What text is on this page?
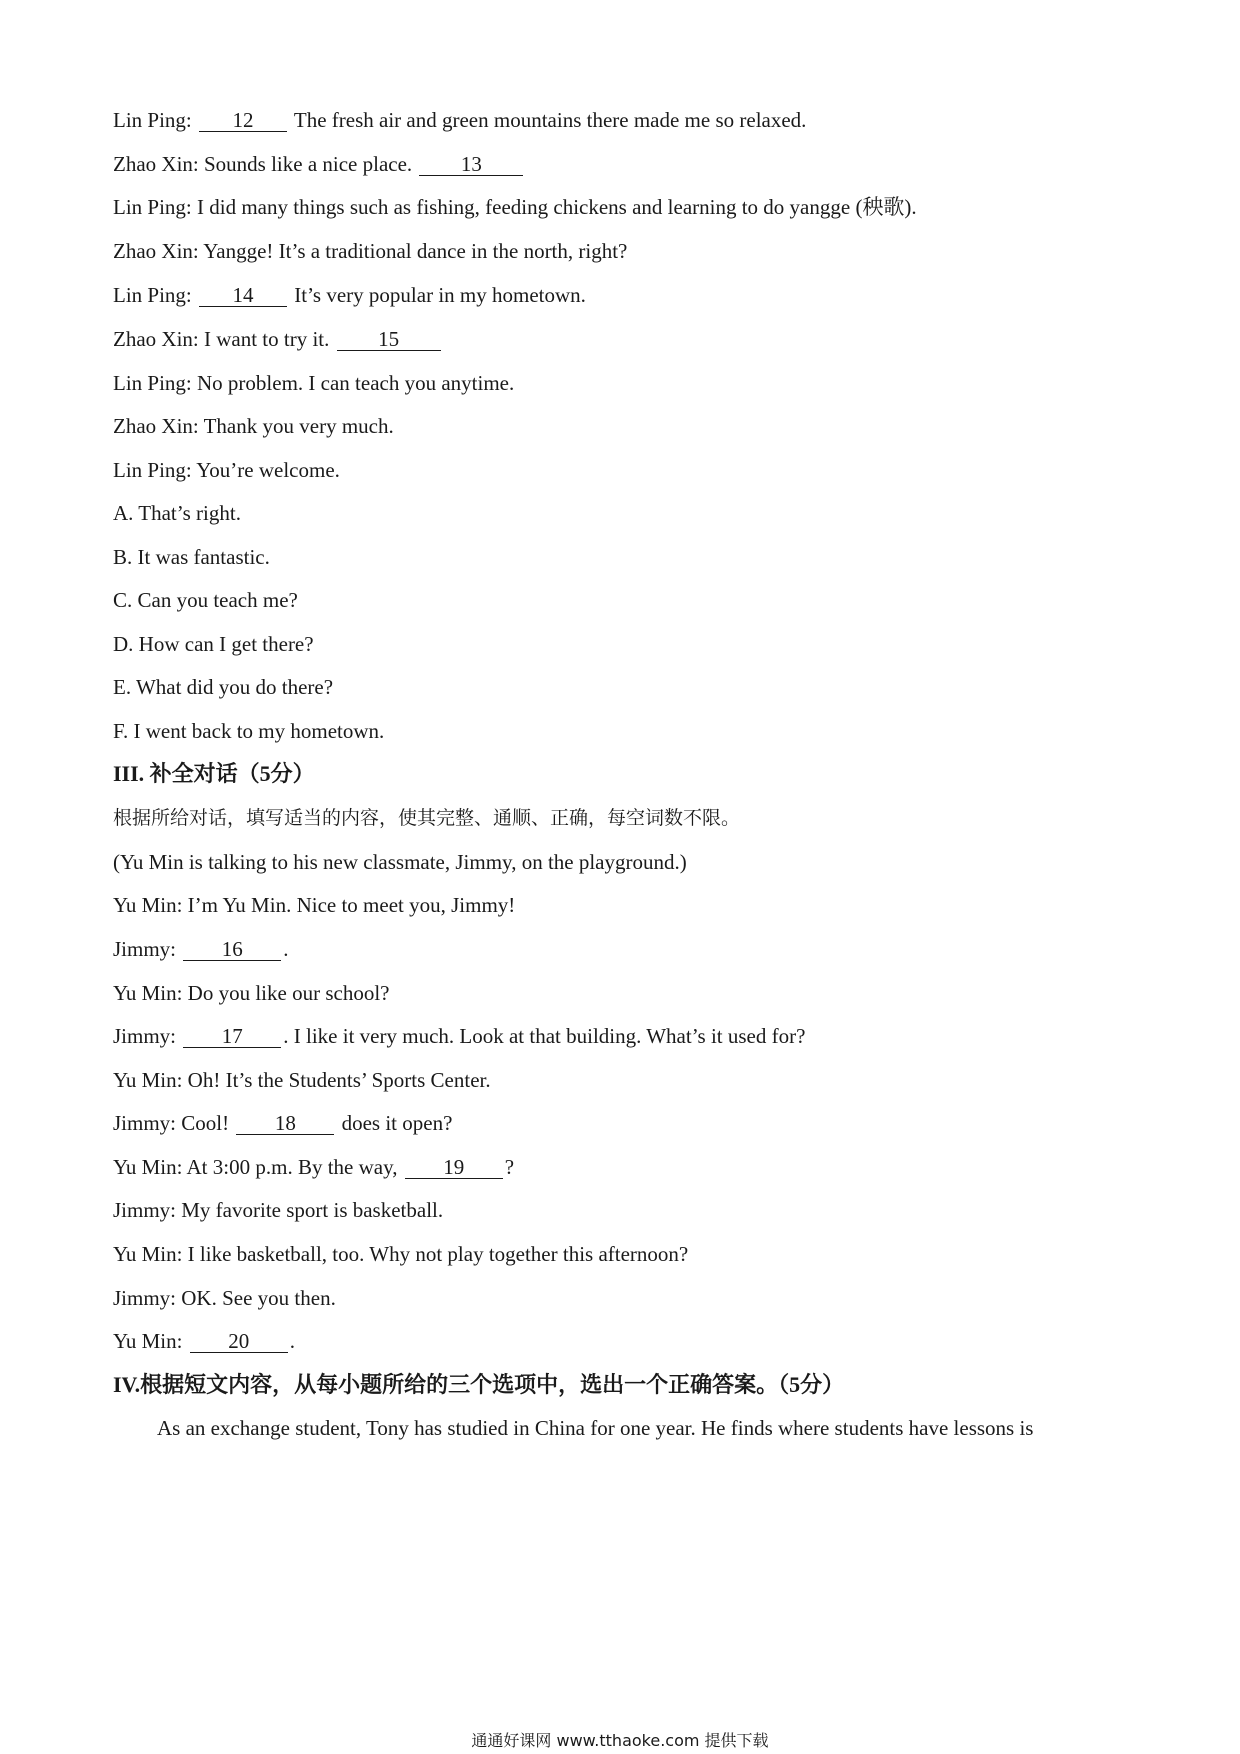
Lin Ping: 12 The fresh air and green mountains there made me so relaxed.
Zhao Xin: Sounds like a nice place. 13
Lin Ping: I did many things such as fishing, feeding chickens and learning to do yangge (秧歌).
Zhao Xin: Yangge! It’s a traditional dance in the north, right?
Lin Ping: 14 It’s very popular in my hometown.
Zhao Xin: I want to try it. 15
Lin Ping: No problem. I can teach you anytime.
Zhao Xin: Thank you very much.
Lin Ping: You’re welcome.
A. That’s right.
B. It was fantastic.
C. Can you teach me?
D. How can I get there?
E. What did you do there?
F. I went back to my hometown.
III. 补全对话（5分）
根据所给对话，填写适当的内容，使其完整、通顺、正确，每空词数不限。
(Yu Min is talking to his new classmate, Jimmy, on the playground.)
Yu Min: I’m Yu Min. Nice to meet you, Jimmy!
Jimmy: 16 .
Yu Min: Do you like our school?
Jimmy: 17 . I like it very much. Look at that building. What’s it used for?
Yu Min: Oh! It’s the Students’ Sports Center.
Jimmy: Cool! 18 does it open?
Yu Min: At 3:00 p.m. By the way, 19 ?
Jimmy: My favorite sport is basketball.
Yu Min: I like basketball, too. Why not play together this afternoon?
Jimmy: OK. See you then.
Yu Min: 20 .
IV.根据短文内容，从每小题所给的三个选项中，选出一个正确答案。（5分）
As an exchange student, Tony has studied in China for one year. He finds where students have lessons is
通通好课网 www.tthaoke.com 提供下载
